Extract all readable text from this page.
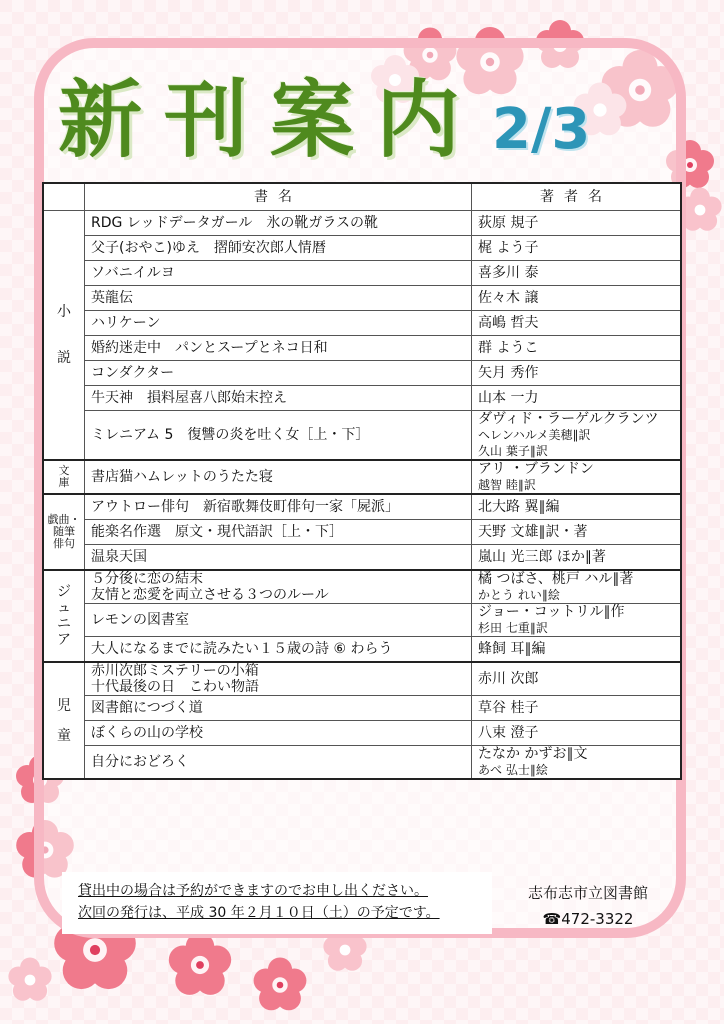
新刊案内 2/3
	書名	著者名

小
説	RDG レッドデータガール　氷の靴ガラスの靴	荻原 規子

	父子(おやこ)ゆえ　摺師安次郎人情暦	梶 よう子

	ソバニイルヨ	喜多川 泰

	英龍伝	佐々木 譲

	ハリケーン	高嶋 哲夫

	婚約迷走中　パンとスープとネコ日和	群 ようこ

	コンダクター	矢月 秀作

	牛天神　損料屋喜八郎始末控え	山本 一力

	ミレニアム 5　復讐の炎を吐く女［上・下］	ダヴィド・ラーゲルクランツ
ヘレンハルメ美穂∥訳
久山 葉子∥訳

文
庫	書店猫ハムレットのうたた寝	アリ ・ブランドン
越智 睦∥訳

戯曲・随筆
俳句	アウトロー俳句　新宿歌舞伎町俳句一家「屍派」	北大路 翼∥編

	能楽名作選　原文・現代語訳［上・下］	天野 文雄∥訳・著

	温泉天国	嵐山 光三郎 ほか∥著

ジ
ュ
ニ
ア	５分後に恋の結末
友情と恋愛を両立させる３つのルール	橘 つばさ、桃戸 ハル∥著
かとう れい∥絵

	レモンの図書室	ジョー・コットリル∥作
杉田 七重∥訳

	大人になるまでに読みたい１５歳の詩 ⑥ わらう	蜂飼 耳∥編

児
童	赤川次郎ミステリーの小箱
十代最後の日　こわい物語	赤川 次郎

	図書館につづく道	草谷 桂子

	ぼくらの山の学校	八束 澄子

	自分におどろく	たなか かずお∥文
あべ 弘士∥絵
貸出中の場合は予約ができますのでお申し出ください。
次回の発行は、平成 30 年２月１０日（土）の予定です。
志布志市立図書館
☎472-3322
